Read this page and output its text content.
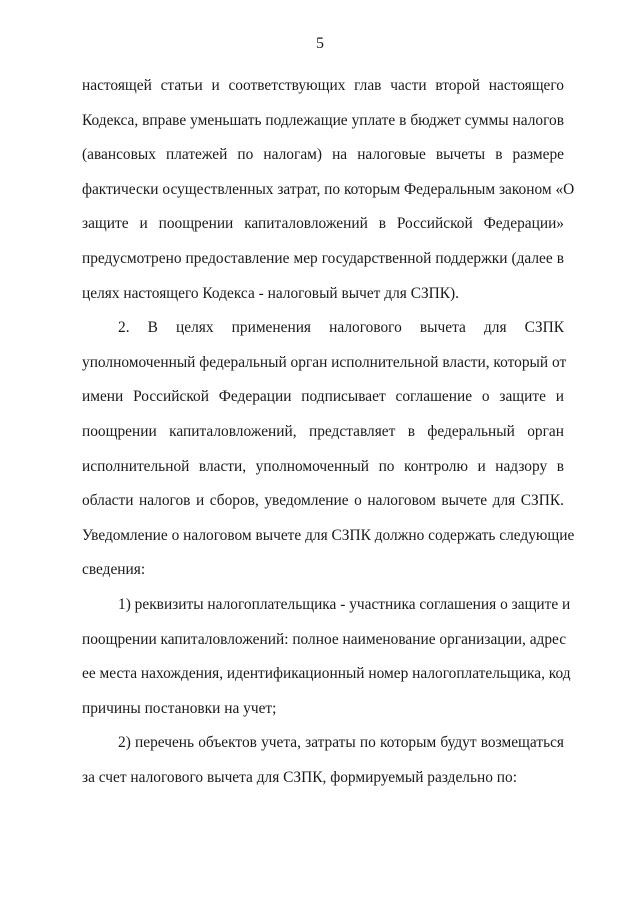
5
настоящей статьи и соответствующих глав части второй настоящего
Кодекса, вправе уменьшать подлежащие уплате в бюджет суммы налогов
(авансовых платежей по налогам) на налоговые вычеты в размере
фактически осуществленных затрат, по которым Федеральным законом «О
защите и поощрении капиталовложений в Российской Федерации»
предусмотрено предоставление мер государственной поддержки (далее в
целях настоящего Кодекса - налоговый вычет для СЗПК).
2. В целях применения налогового вычета для СЗПК
уполномоченный федеральный орган исполнительной власти, который от
имени Российской Федерации подписывает соглашение о защите и
поощрении капиталовложений, представляет в федеральный орган
исполнительной власти, уполномоченный по контролю и надзору в
области налогов и сборов, уведомление о налоговом вычете для СЗПК.
Уведомление о налоговом вычете для СЗПК должно содержать следующие
сведения:
1) реквизиты налогоплательщика - участника соглашения о защите и
поощрении капиталовложений: полное наименование организации, адрес
ее места нахождения, идентификационный номер налогоплательщика, код
причины постановки на учет;
2) перечень объектов учета, затраты по которым будут возмещаться
за счет налогового вычета для СЗПК, формируемый раздельно по:
